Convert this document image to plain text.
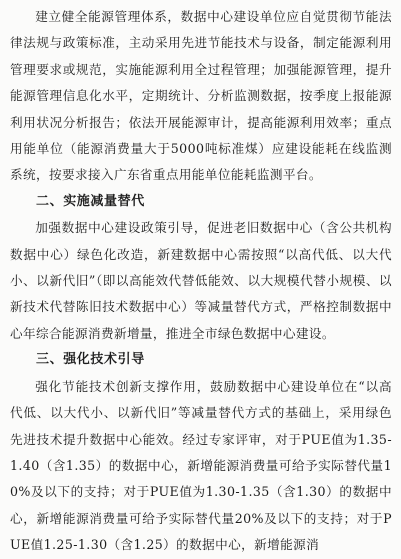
建立健全能源管理体系，数据中心建设单位应自觉贯彻节能法律法规与政策标准，主动采用先进节能技术与设备，制定能源利用管理要求或规范，实施能源利用全过程管理；加强能源管理，提升能源管理信息化水平，定期统计、分析监测数据，按季度上报能源利用状况分析报告；依法开展能源审计，提高能源利用效率；重点用能单位（能源消费量大于5000吨标准煤）应建设能耗在线监测系统，按要求接入广东省重点用能单位能耗监测平台。

二、实施减量替代

加强数据中心建设政策引导，促进老旧数据中心（含公共机构数据中心）绿色化改造，新建数据中心需按照“以高代低、以大代小、以新代旧”（即以高能效代替低能效、以大规模代替小规模、以新技术代替陈旧技术数据中心）等减量替代方式，严格控制数据中心年综合能源消费新增量，推进全市绿色数据中心建设。

三、强化技术引导

强化节能技术创新支撑作用，鼓励数据中心建设单位在“以高代低、以大代小、以新代旧”等减量替代方式的基础上，采用绿色先进技术提升数据中心能效。经过专家评审，对于PUE值为1.35-1.40（含1.35）的数据中心，新增能源消费量可给予实际替代量10%及以下的支持；对于PUE值为1.30-1.35（含1.30）的数据中心，新增能源消费量可给予实际替代量20%及以下的支持；对于PUE值1.25-1.30（含1.25）的数据中心，新增能源消
